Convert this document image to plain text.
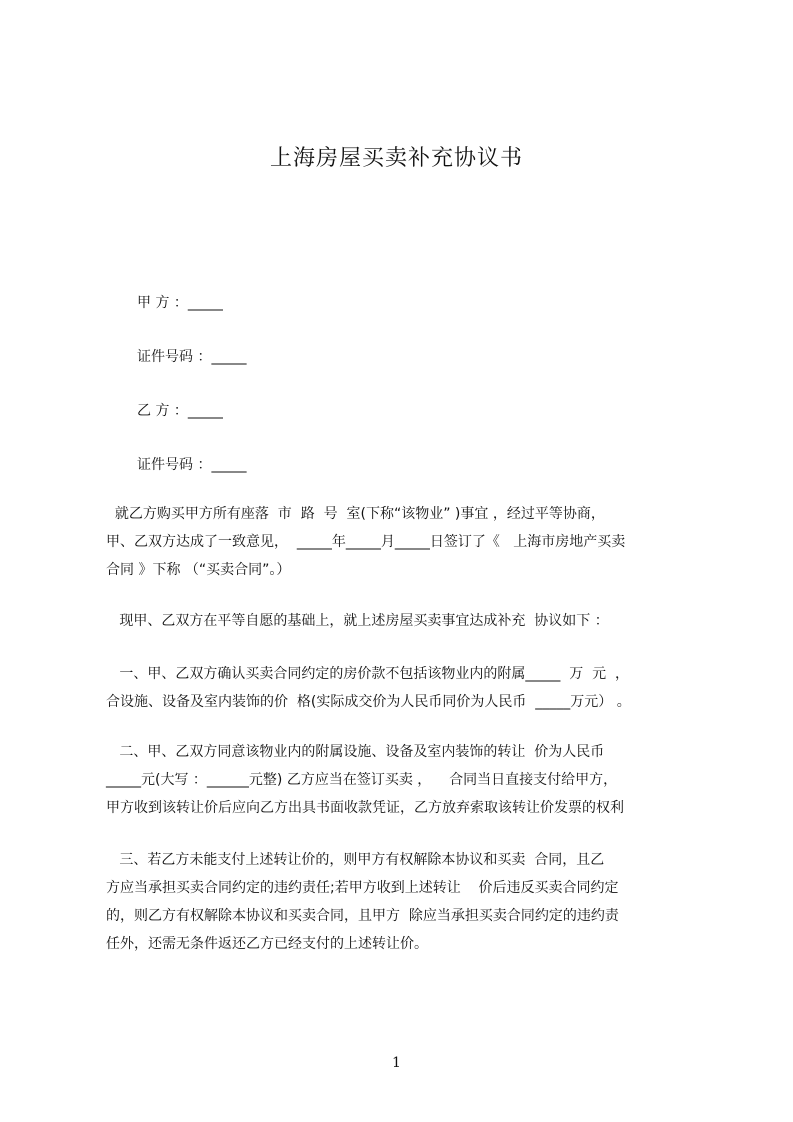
上海房屋买卖补充协议书
甲 方 ：_____
证件号码 ：_____
乙 方 ：_____
证件号码 ：_____
就乙方购买甲方所有座落  市  路  号  室(下称“该物业” )事宜 ，经过平等协商，
甲、乙双方达成了一致意见，  _____年_____月_____日签订了《   上海市房地产买卖
合同 》下称 （“买卖合同”。）
现甲、乙双方在平等自愿的基础上，就上述房屋买卖事宜达成补充  协议如下 ：
一、甲、乙双方确认买卖合同约定的房价款不包括该物业内的附属_____  万  元  ，
合设施、设备及室内装饰的价  格(实际成交价为人民币同价为人民币  _____万元） 。
二、甲、乙双方同意该物业内的附属设施、设备及室内装饰的转让  价为人民币
_____元(大写 ：______元整) 乙方应当在签订买卖 ，    合同当日直接支付给甲方，
甲方收到该转让价后应向乙方出具书面收款凭证，乙方放弃索取该转让价发票的权利
三、若乙方未能支付上述转让价的，则甲方有权解除本协议和买卖  合同，且乙
方应当承担买卖合同约定的违约责任;若甲方收到上述转让    价后违反买卖合同约定
的，则乙方有权解除本协议和买卖合同，且甲方  除应当承担买卖合同约定的违约责
任外，还需无条件返还乙方已经支付的上述转让价。
1
